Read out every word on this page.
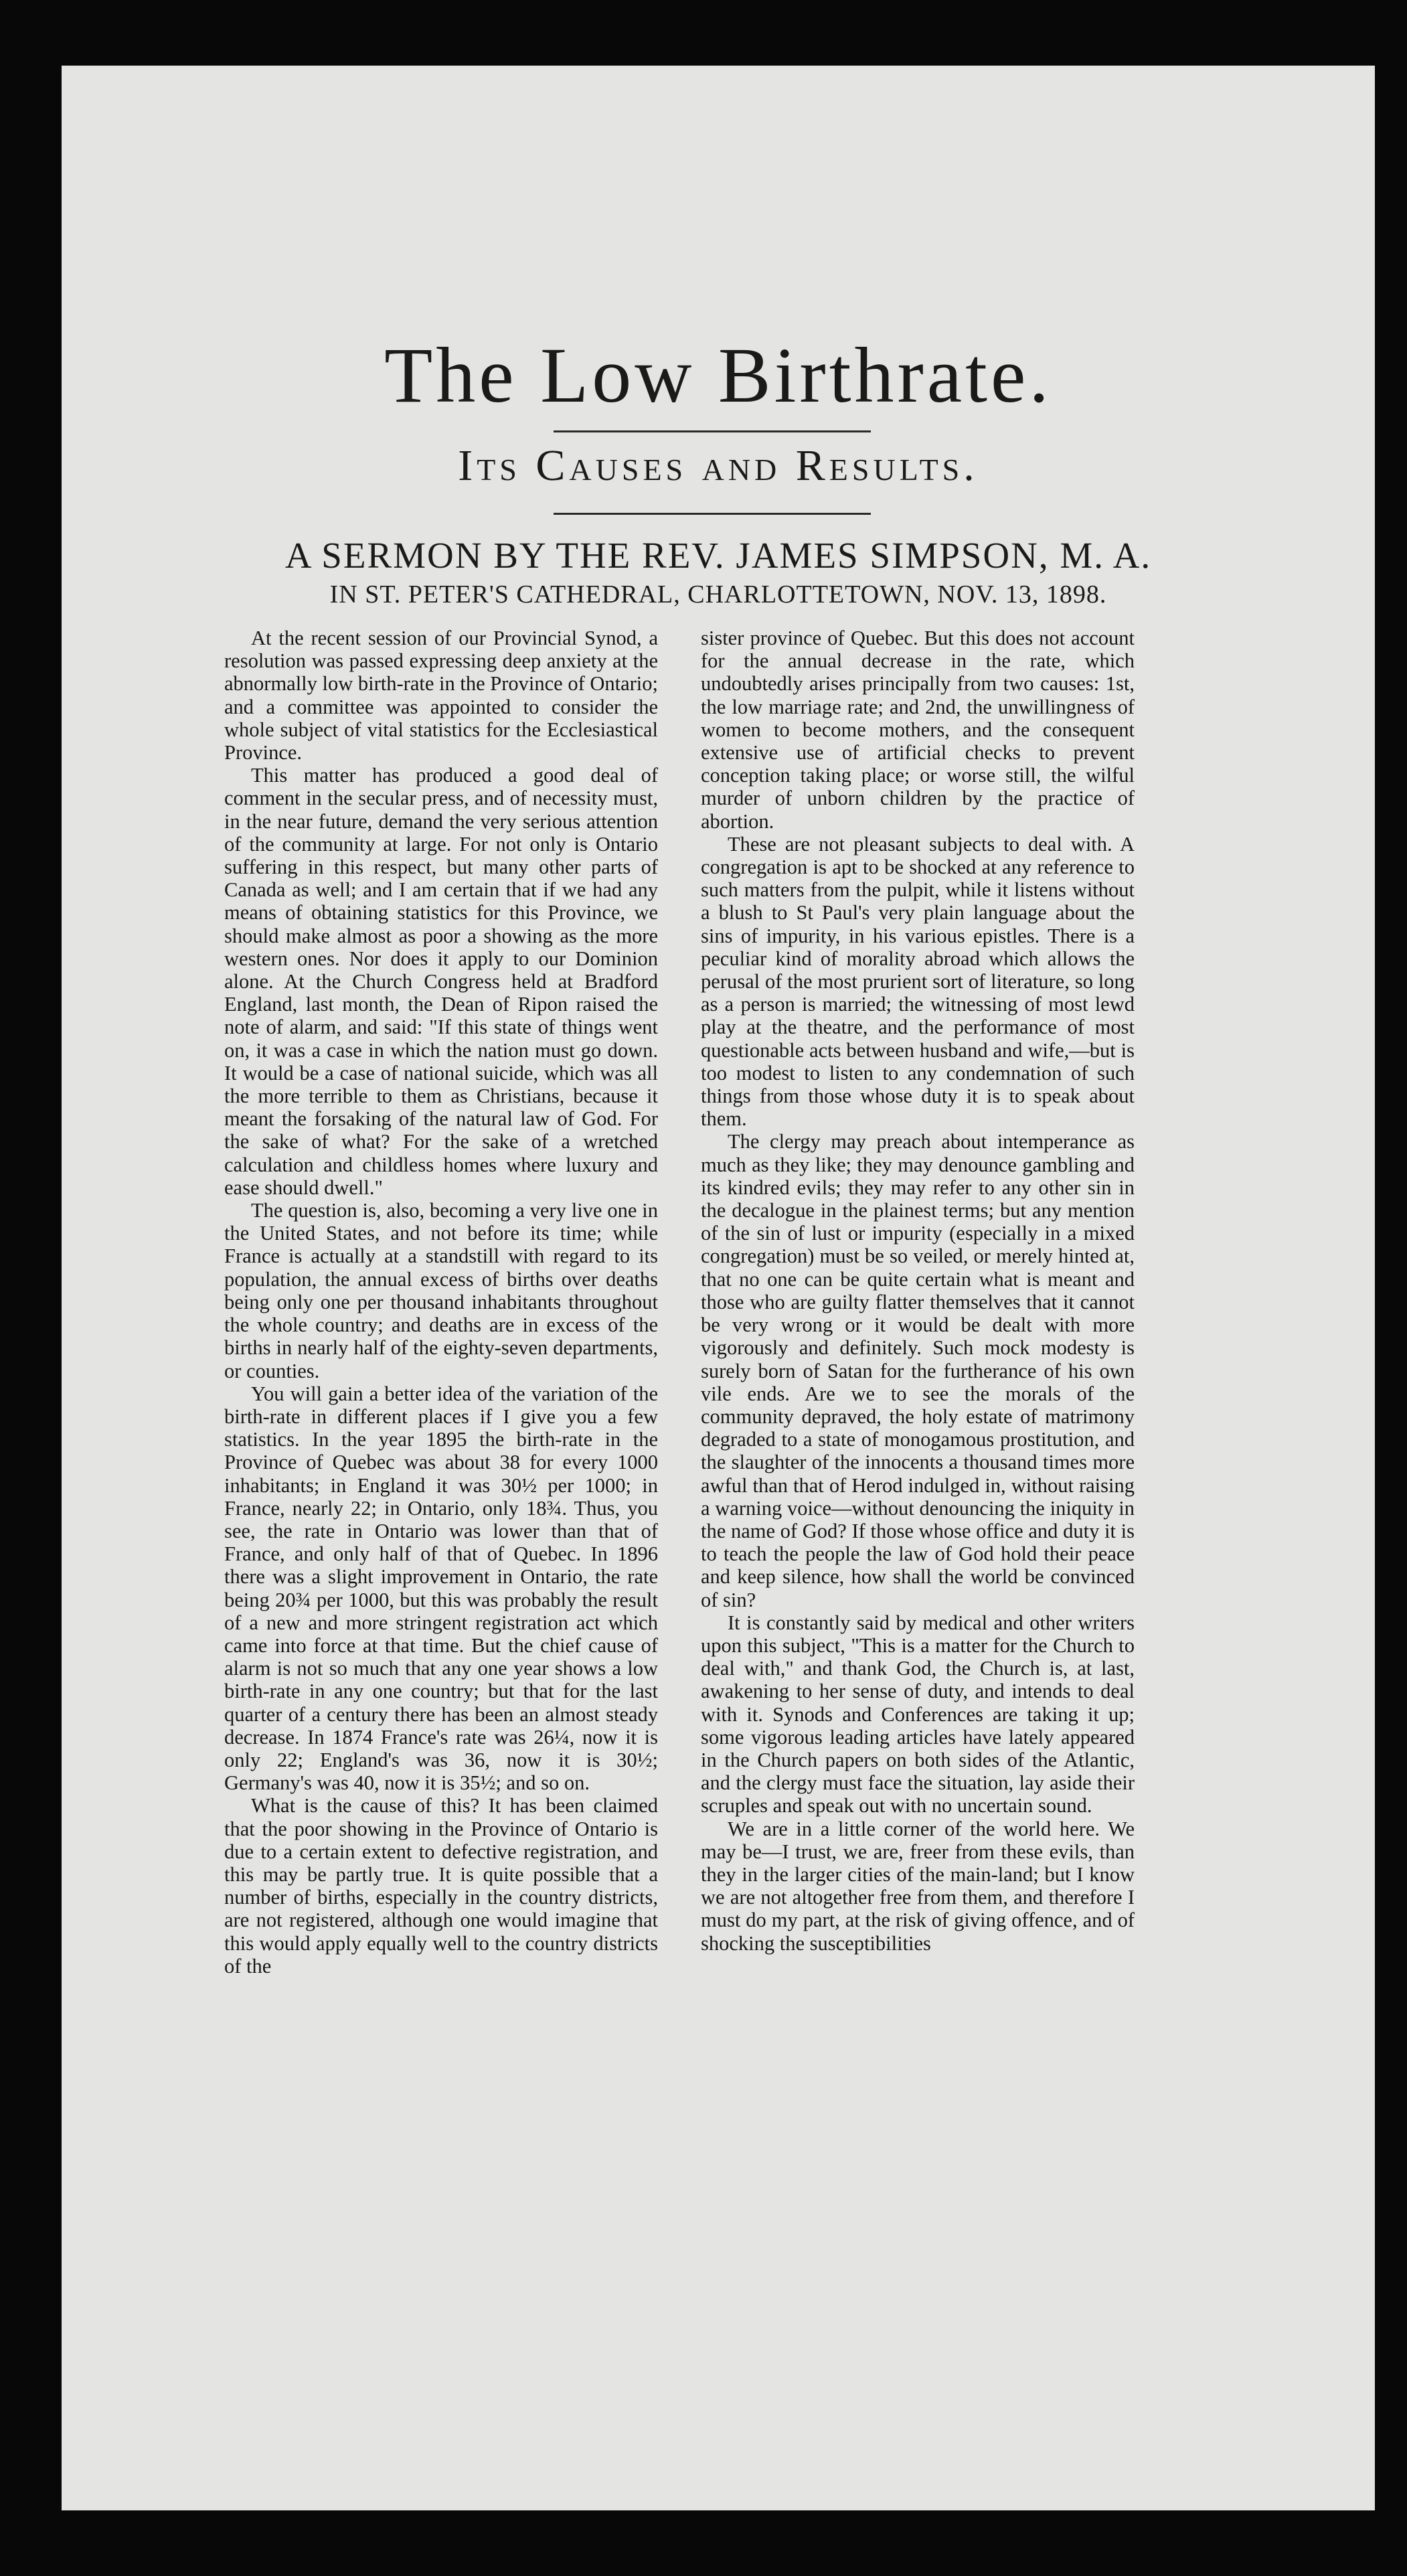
The Low Birthrate.
Its Causes and Results.
A SERMON BY THE REV. JAMES SIMPSON, M. A.
IN ST. PETER'S CATHEDRAL, CHARLOTTETOWN, NOV. 13, 1898.

At the recent session of our Provincial Synod, a resolution was passed expressing deep anxiety at the abnormally low birth-rate in the Province of Ontario; and a committee was appointed to consider the whole subject of vital statistics for the Ecclesiastical Province.

This matter has produced a good deal of comment in the secular press, and of necessity must, in the near future, demand the very serious attention of the community at large. For not only is Ontario suffering in this respect, but many other parts of Canada as well; and I am certain that if we had any means of obtaining statistics for this Province, we should make almost as poor a showing as the more western ones. Nor does it apply to our Dominion alone. At the Church Congress held at Bradford England, last month, the Dean of Ripon raised the note of alarm, and said: "If this state of things went on, it was a case in which the nation must go down. It would be a case of national suicide, which was all the more terrible to them as Christians, because it meant the forsaking of the natural law of God. For the sake of what? For the sake of a wretched calculation and childless homes where luxury and ease should dwell."

The question is, also, becoming a very live one in the United States, and not before its time; while France is actually at a standstill with regard to its population, the annual excess of births over deaths being only one per thousand inhabitants throughout the whole country; and deaths are in excess of the births in nearly half of the eighty-seven departments, or counties.

You will gain a better idea of the variation of the birth-rate in different places if I give you a few statistics. In the year 1895 the birth-rate in the Province of Quebec was about 38 for every 1000 inhabitants; in England it was 30½ per 1000; in France, nearly 22; in Ontario, only 18¾. Thus, you see, the rate in Ontario was lower than that of France, and only half of that of Quebec. In 1896 there was a slight improvement in Ontario, the rate being 20¾ per 1000, but this was probably the result of a new and more stringent registration act which came into force at that time. But the chief cause of alarm is not so much that any one year shows a low birth-rate in any one country; but that for the last quarter of a century there has been an almost steady decrease. In 1874 France's rate was 26¼, now it is only 22; England's was 36, now it is 30½; Germany's was 40, now it is 35½; and so on.

What is the cause of this? It has been claimed that the poor showing in the Province of Ontario is due to a certain extent to defective registration, and this may be partly true. It is quite possible that a number of births, especially in the country districts, are not registered, although one would imagine that this would apply equally well to the country districts of the

sister province of Quebec. But this does not account for the annual decrease in the rate, which undoubtedly arises principally from two causes: 1st, the low marriage rate; and 2nd, the unwillingness of women to become mothers, and the consequent extensive use of artificial checks to prevent conception taking place; or worse still, the wilful murder of unborn children by the practice of abortion.

These are not pleasant subjects to deal with. A congregation is apt to be shocked at any reference to such matters from the pulpit, while it listens without a blush to St Paul's very plain language about the sins of impurity, in his various epistles. There is a peculiar kind of morality abroad which allows the perusal of the most prurient sort of literature, so long as a person is married; the witnessing of most lewd play at the theatre, and the performance of most questionable acts between husband and wife,—but is too modest to listen to any condemnation of such things from those whose duty it is to speak about them.

The clergy may preach about intemperance as much as they like; they may denounce gambling and its kindred evils; they may refer to any other sin in the decalogue in the plainest terms; but any mention of the sin of lust or impurity (especially in a mixed congregation) must be so veiled, or merely hinted at, that no one can be quite certain what is meant and those who are guilty flatter themselves that it cannot be very wrong or it would be dealt with more vigorously and definitely. Such mock modesty is surely born of Satan for the furtherance of his own vile ends. Are we to see the morals of the community depraved, the holy estate of matrimony degraded to a state of monogamous prostitution, and the slaughter of the innocents a thousand times more awful than that of Herod indulged in, without raising a warning voice—without denouncing the iniquity in the name of God? If those whose office and duty it is to teach the people the law of God hold their peace and keep silence, how shall the world be convinced of sin?

It is constantly said by medical and other writers upon this subject, "This is a matter for the Church to deal with," and thank God, the Church is, at last, awakening to her sense of duty, and intends to deal with it. Synods and Conferences are taking it up; some vigorous leading articles have lately appeared in the Church papers on both sides of the Atlantic, and the clergy must face the situation, lay aside their scruples and speak out with no uncertain sound.

We are in a little corner of the world here. We may be—I trust, we are, freer from these evils, than they in the larger cities of the main-land; but I know we are not altogether free from them, and therefore I must do my part, at the risk of giving offence, and of shocking the susceptibilities
